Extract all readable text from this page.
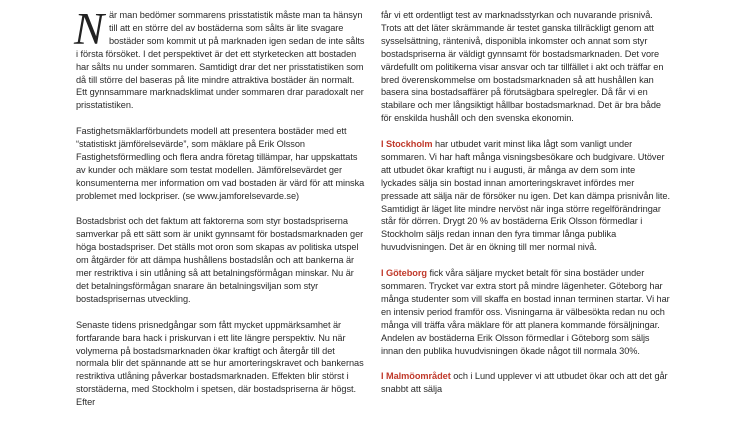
När man bedömer sommarens prisstatistik måste man ta hänsyn till att en större del av bostäderna som sålts är lite svagare bostäder som kommit ut på marknaden igen sedan de inte sålts i första försöket. I det perspektivet är det ett styrketecken att bostaden har sålts nu under sommaren. Samtidigt drar det ner prisstatistiken som då till större del baseras på lite mindre attraktiva bostäder än normalt. Ett gynnsammare marknadsklimat under sommaren drar paradoxalt ner prisstatistiken.

Fastighetsmäklarförbundets modell att presentera bostäder med ett “statistiskt jämförelsevärde”, som mäklare på Erik Olsson Fastighetsförmedling och flera andra företag tillämpar, har uppskattats av kunder och mäklare som testat modellen. Jämförelsevärdet ger konsumenterna mer information om vad bostaden är värd för att minska problemet med lockpriser. (se www.jamforelsevarde.se)

Bostadsbrist och det faktum att faktorerna som styr bostadspriserna samverkar på ett sätt som är unikt gynnsamt för bostadsmarknaden ger höga bostadspriser. Det ställs mot oron som skapas av politiska utspel om åtgärder för att dämpa hushållens bostadslån och att bankerna är mer restriktiva i sin utlåning så att betalningsförmågan minskar. Nu är det betalningsförmågan snarare än betalningsviljan som styr bostadsprisernas utveckling.

Senaste tidens prisnedgångar som fått mycket uppmärksamhet är fortfarande bara hack i priskurvan i ett lite längre perspektiv. Nu när volymerna på bostadsmarknaden ökar kraftigt och återgår till det normala blir det spännande att se hur amorteringskravet och bankernas restriktiva utlåning påverkar bostadsmarknaden. Effekten blir störst i storstäderna, med Stockholm i spetsen, där bostadspriserna är högst. Efter

får vi ett ordentligt test av marknadsstyrkan och nuvarande prisnivå. Trots att det läter skrämmande är testet ganska tillräckligt genom att sysselsättning, räntenivå, disponibla inkomster och annat som styr bostadspriserna är väldigt gynnsamt för bostadsmarknaden. Det vore värdefullt om politikerna visar ansvar och tar tillfället i akt och träffar en bred överenskommelse om bostadsmarknaden så att hushållen kan basera sina bostadsaffärer på förutsägbara spelregler. Då får vi en stabilare och mer långsiktigt hållbar bostadsmarknad. Det är bra både för enskilda hushåll och den svenska ekonomin.

I Stockholm har utbudet varit minst lika lågt som vanligt under sommaren. Vi har haft många visningsbesökare och budgivare. Utöver att utbudet ökar kraftigt nu i augusti, är många av dem som inte lyckades sälja sin bostad innan amorteringskravet infördes mer pressade att sälja när de försöker nu igen. Det kan dämpa prisnivån lite. Samtidigt är läget lite mindre nervöst när inga större regelförändringar står för dörren. Drygt 20 % av bostäderna Erik Olsson förmedlar i Stockholm säljs redan innan den fyra timmar långa publika huvudvisningen. Det är en ökning till mer normal nivå.

I Göteborg fick våra säljare mycket betalt för sina bostäder under sommaren. Trycket var extra stort på mindre lägenheter. Göteborg har många studenter som vill skaffa en bostad innan terminen startar. Vi har en intensiv period framför oss. Visningarna är välbesökta redan nu och många vill träffa våra mäklare för att planera kommande försäljningar. Andelen av bostäderna Erik Olsson förmedlar i Göteborg som säljs innan den publika huvudvisningen ökade något till normala 30%.

I Malmöområdet och i Lund upplever vi att utbudet ökar och att det går snabbt att sälja
